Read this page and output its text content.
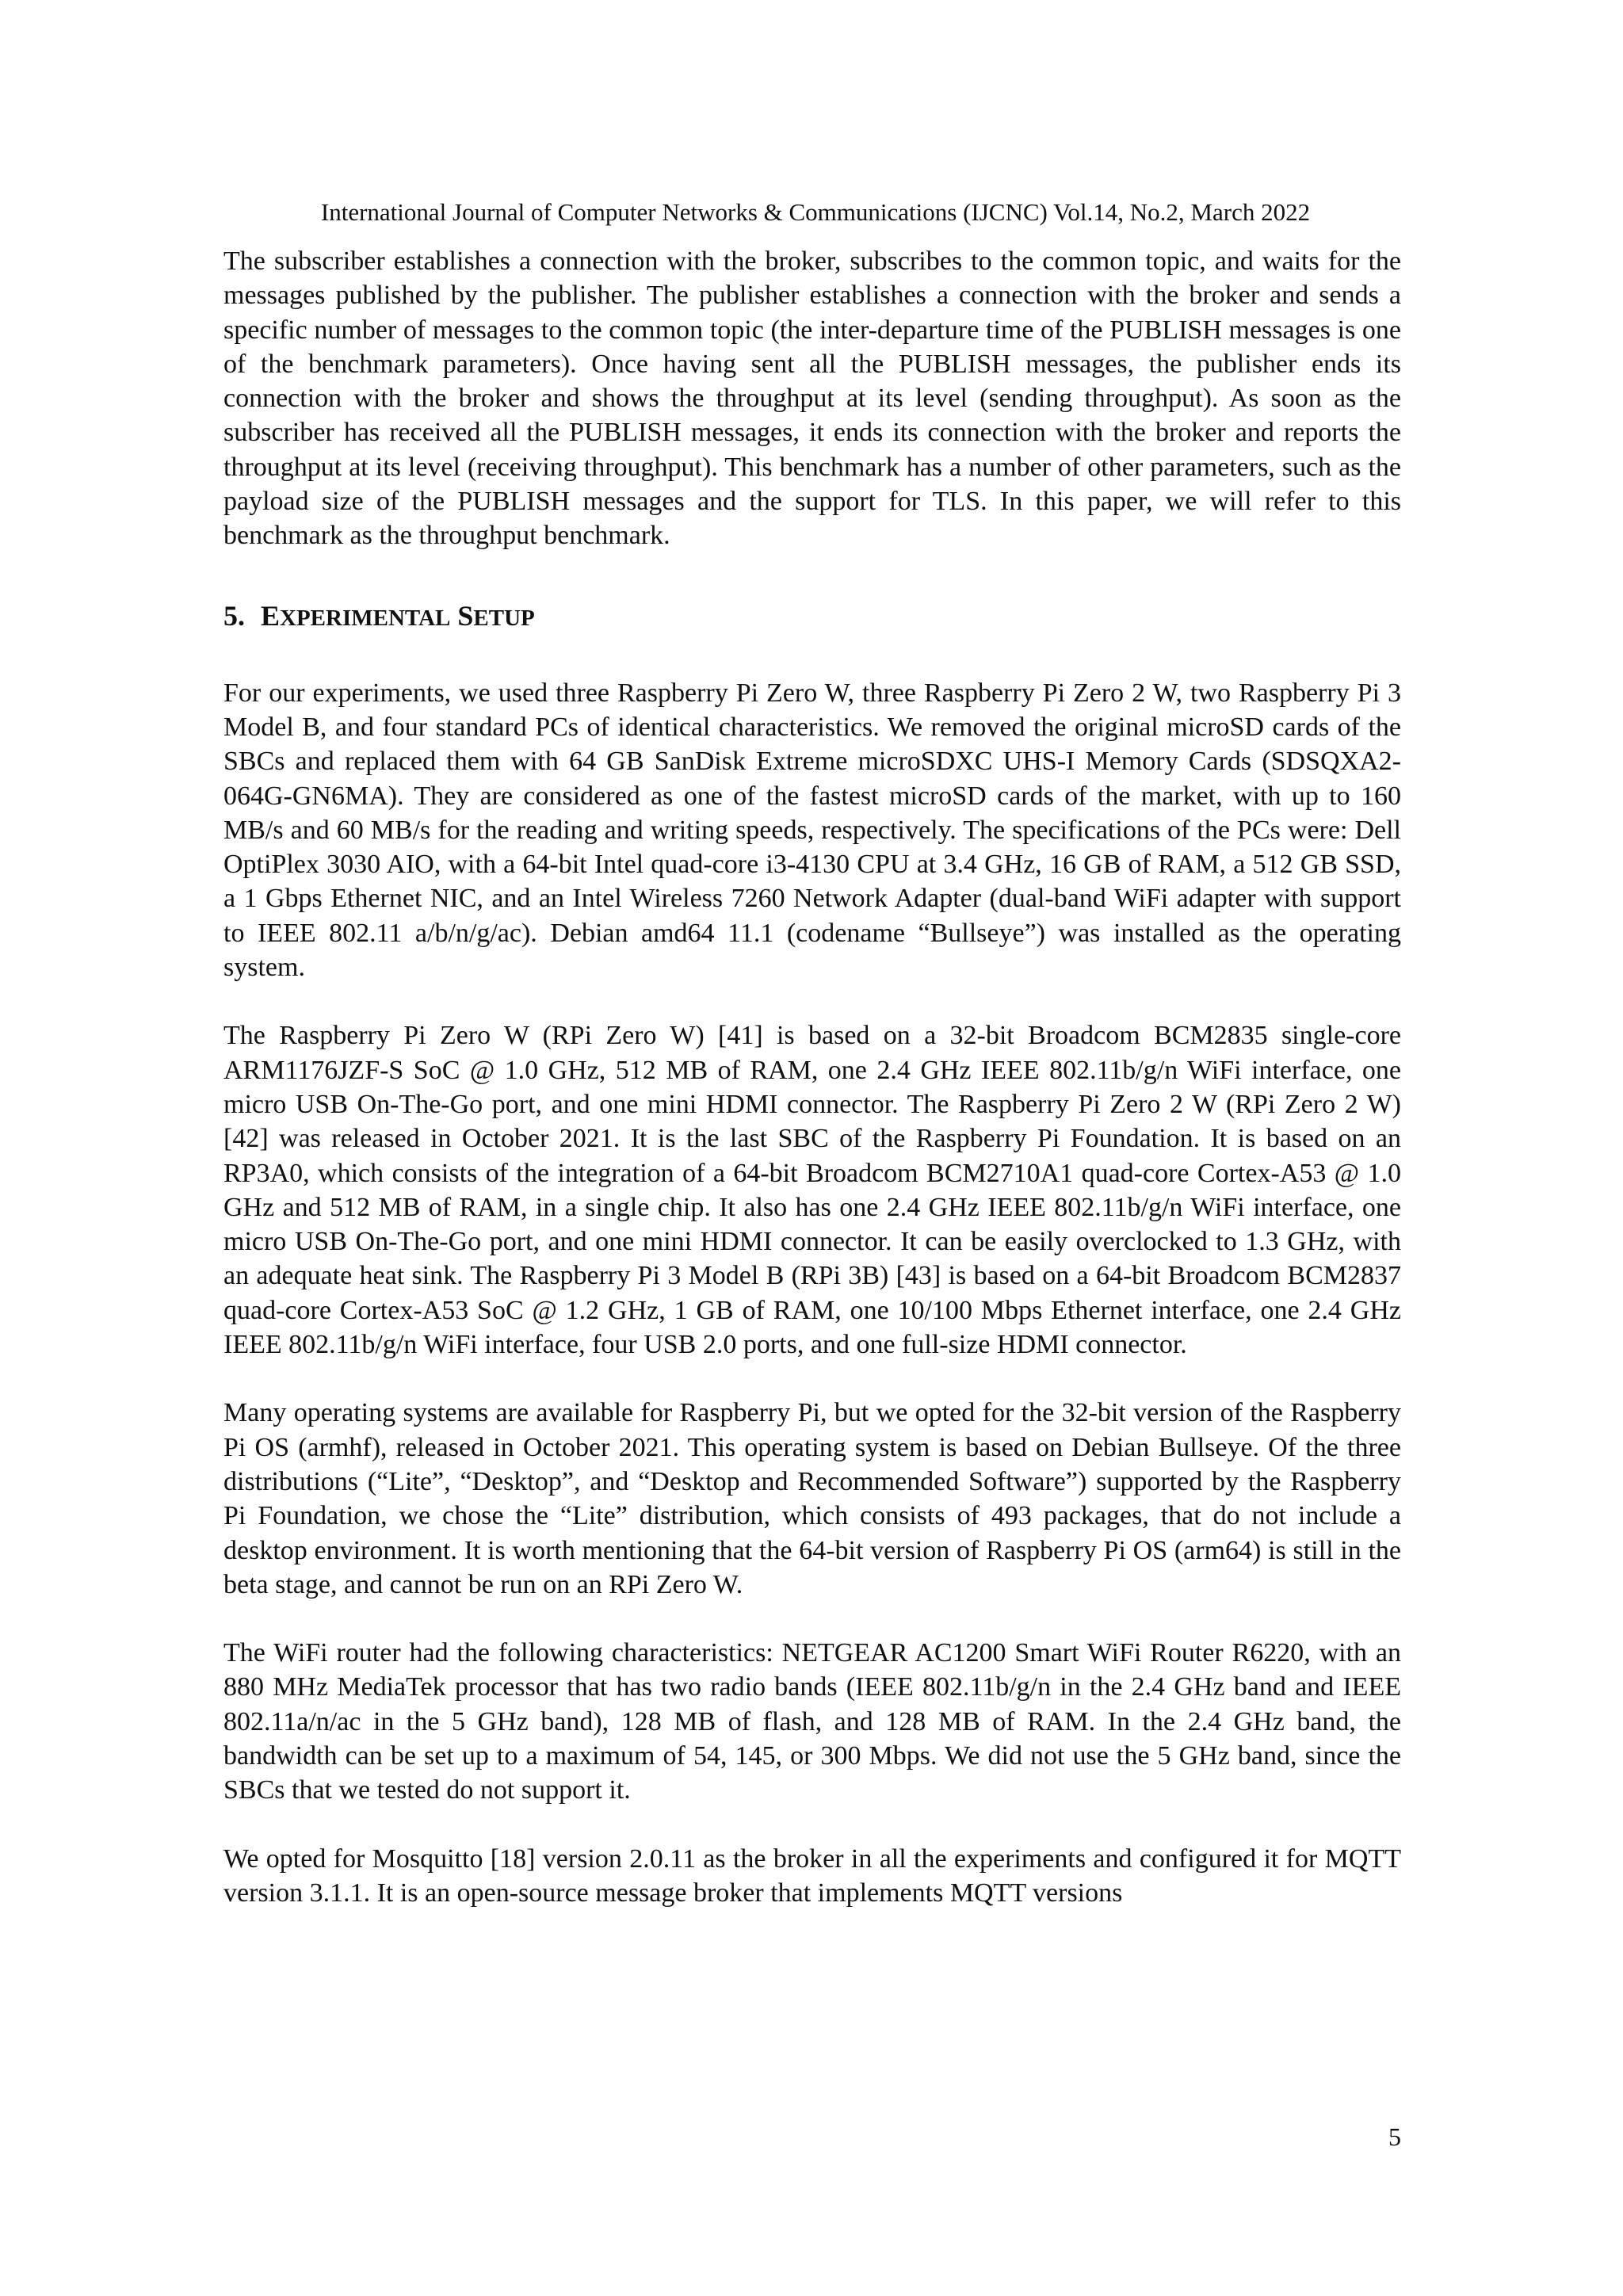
International Journal of Computer Networks & Communications (IJCNC) Vol.14, No.2, March 2022

The subscriber establishes a connection with the broker, subscribes to the common topic, and waits for the messages published by the publisher. The publisher establishes a connection with the broker and sends a specific number of messages to the common topic (the inter-departure time of the PUBLISH messages is one of the benchmark parameters). Once having sent all the PUBLISH messages, the publisher ends its connection with the broker and shows the throughput at its level (sending throughput). As soon as the subscriber has received all the PUBLISH messages, it ends its connection with the broker and reports the throughput at its level (receiving throughput). This benchmark has a number of other parameters, such as the payload size of the PUBLISH messages and the support for TLS. In this paper, we will refer to this benchmark as the throughput benchmark.

5. EXPERIMENTAL SETUP

For our experiments, we used three Raspberry Pi Zero W, three Raspberry Pi Zero 2 W, two Raspberry Pi 3 Model B, and four standard PCs of identical characteristics. We removed the original microSD cards of the SBCs and replaced them with 64 GB SanDisk Extreme microSDXC UHS-I Memory Cards (SDSQXA2-064G-GN6MA). They are considered as one of the fastest microSD cards of the market, with up to 160 MB/s and 60 MB/s for the reading and writing speeds, respectively. The specifications of the PCs were: Dell OptiPlex 3030 AIO, with a 64-bit Intel quad-core i3-4130 CPU at 3.4 GHz, 16 GB of RAM, a 512 GB SSD, a 1 Gbps Ethernet NIC, and an Intel Wireless 7260 Network Adapter (dual-band WiFi adapter with support to IEEE 802.11 a/b/n/g/ac). Debian amd64 11.1 (codename “Bullseye”) was installed as the operating system.

The Raspberry Pi Zero W (RPi Zero W) [41] is based on a 32-bit Broadcom BCM2835 single-core ARM1176JZF-S SoC @ 1.0 GHz, 512 MB of RAM, one 2.4 GHz IEEE 802.11b/g/n WiFi interface, one micro USB On-The-Go port, and one mini HDMI connector. The Raspberry Pi Zero 2 W (RPi Zero 2 W) [42] was released in October 2021. It is the last SBC of the Raspberry Pi Foundation. It is based on an RP3A0, which consists of the integration of a 64-bit Broadcom BCM2710A1 quad-core Cortex-A53 @ 1.0 GHz and 512 MB of RAM, in a single chip. It also has one 2.4 GHz IEEE 802.11b/g/n WiFi interface, one micro USB On-The-Go port, and one mini HDMI connector. It can be easily overclocked to 1.3 GHz, with an adequate heat sink. The Raspberry Pi 3 Model B (RPi 3B) [43] is based on a 64-bit Broadcom BCM2837 quad-core Cortex-A53 SoC @ 1.2 GHz, 1 GB of RAM, one 10/100 Mbps Ethernet interface, one 2.4 GHz IEEE 802.11b/g/n WiFi interface, four USB 2.0 ports, and one full-size HDMI connector.

Many operating systems are available for Raspberry Pi, but we opted for the 32-bit version of the Raspberry Pi OS (armhf), released in October 2021. This operating system is based on Debian Bullseye. Of the three distributions (“Lite”, “Desktop”, and “Desktop and Recommended Software”) supported by the Raspberry Pi Foundation, we chose the “Lite” distribution, which consists of 493 packages, that do not include a desktop environment. It is worth mentioning that the 64-bit version of Raspberry Pi OS (arm64) is still in the beta stage, and cannot be run on an RPi Zero W.

The WiFi router had the following characteristics: NETGEAR AC1200 Smart WiFi Router R6220, with an 880 MHz MediaTek processor that has two radio bands (IEEE 802.11b/g/n in the 2.4 GHz band and IEEE 802.11a/n/ac in the 5 GHz band), 128 MB of flash, and 128 MB of RAM. In the 2.4 GHz band, the bandwidth can be set up to a maximum of 54, 145, or 300 Mbps. We did not use the 5 GHz band, since the SBCs that we tested do not support it.

We opted for Mosquitto [18] version 2.0.11 as the broker in all the experiments and configured it for MQTT version 3.1.1. It is an open-source message broker that implements MQTT versions

5
